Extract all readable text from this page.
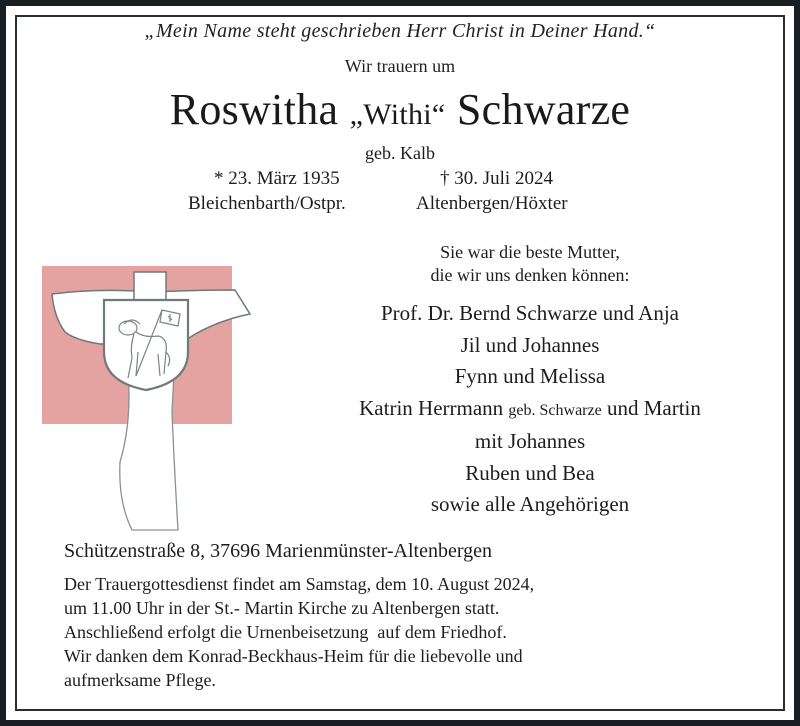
„Mein Name steht geschrieben Herr Christ in Deiner Hand.“
Wir trauern um
Roswitha „Withi“ Schwarze
geb. Kalb
* 23. März 1935	† 30. Juli 2024
Bleichenbarth/Ostpr.	Altenbergen/Höxter
Sie war die beste Mutter,
die wir uns denken können:
Prof. Dr. Bernd Schwarze und Anja
Jil und Johannes
Fynn und Melissa
Katrin Herrmann geb. Schwarze und Martin
mit Johannes
Ruben und Bea
sowie alle Angehörigen
Schützenstraße 8, 37696 Marienmünster-Altenbergen
Der Trauergottesdienst findet am Samstag, dem 10. August 2024,
um 11.00 Uhr in der St.- Martin Kirche zu Altenbergen statt.
Anschließend erfolgt die Urnenbeisetzung  auf dem Friedhof.
Wir danken dem Konrad-Beckhaus-Heim für die liebevolle und
aufmerksame Pflege.
